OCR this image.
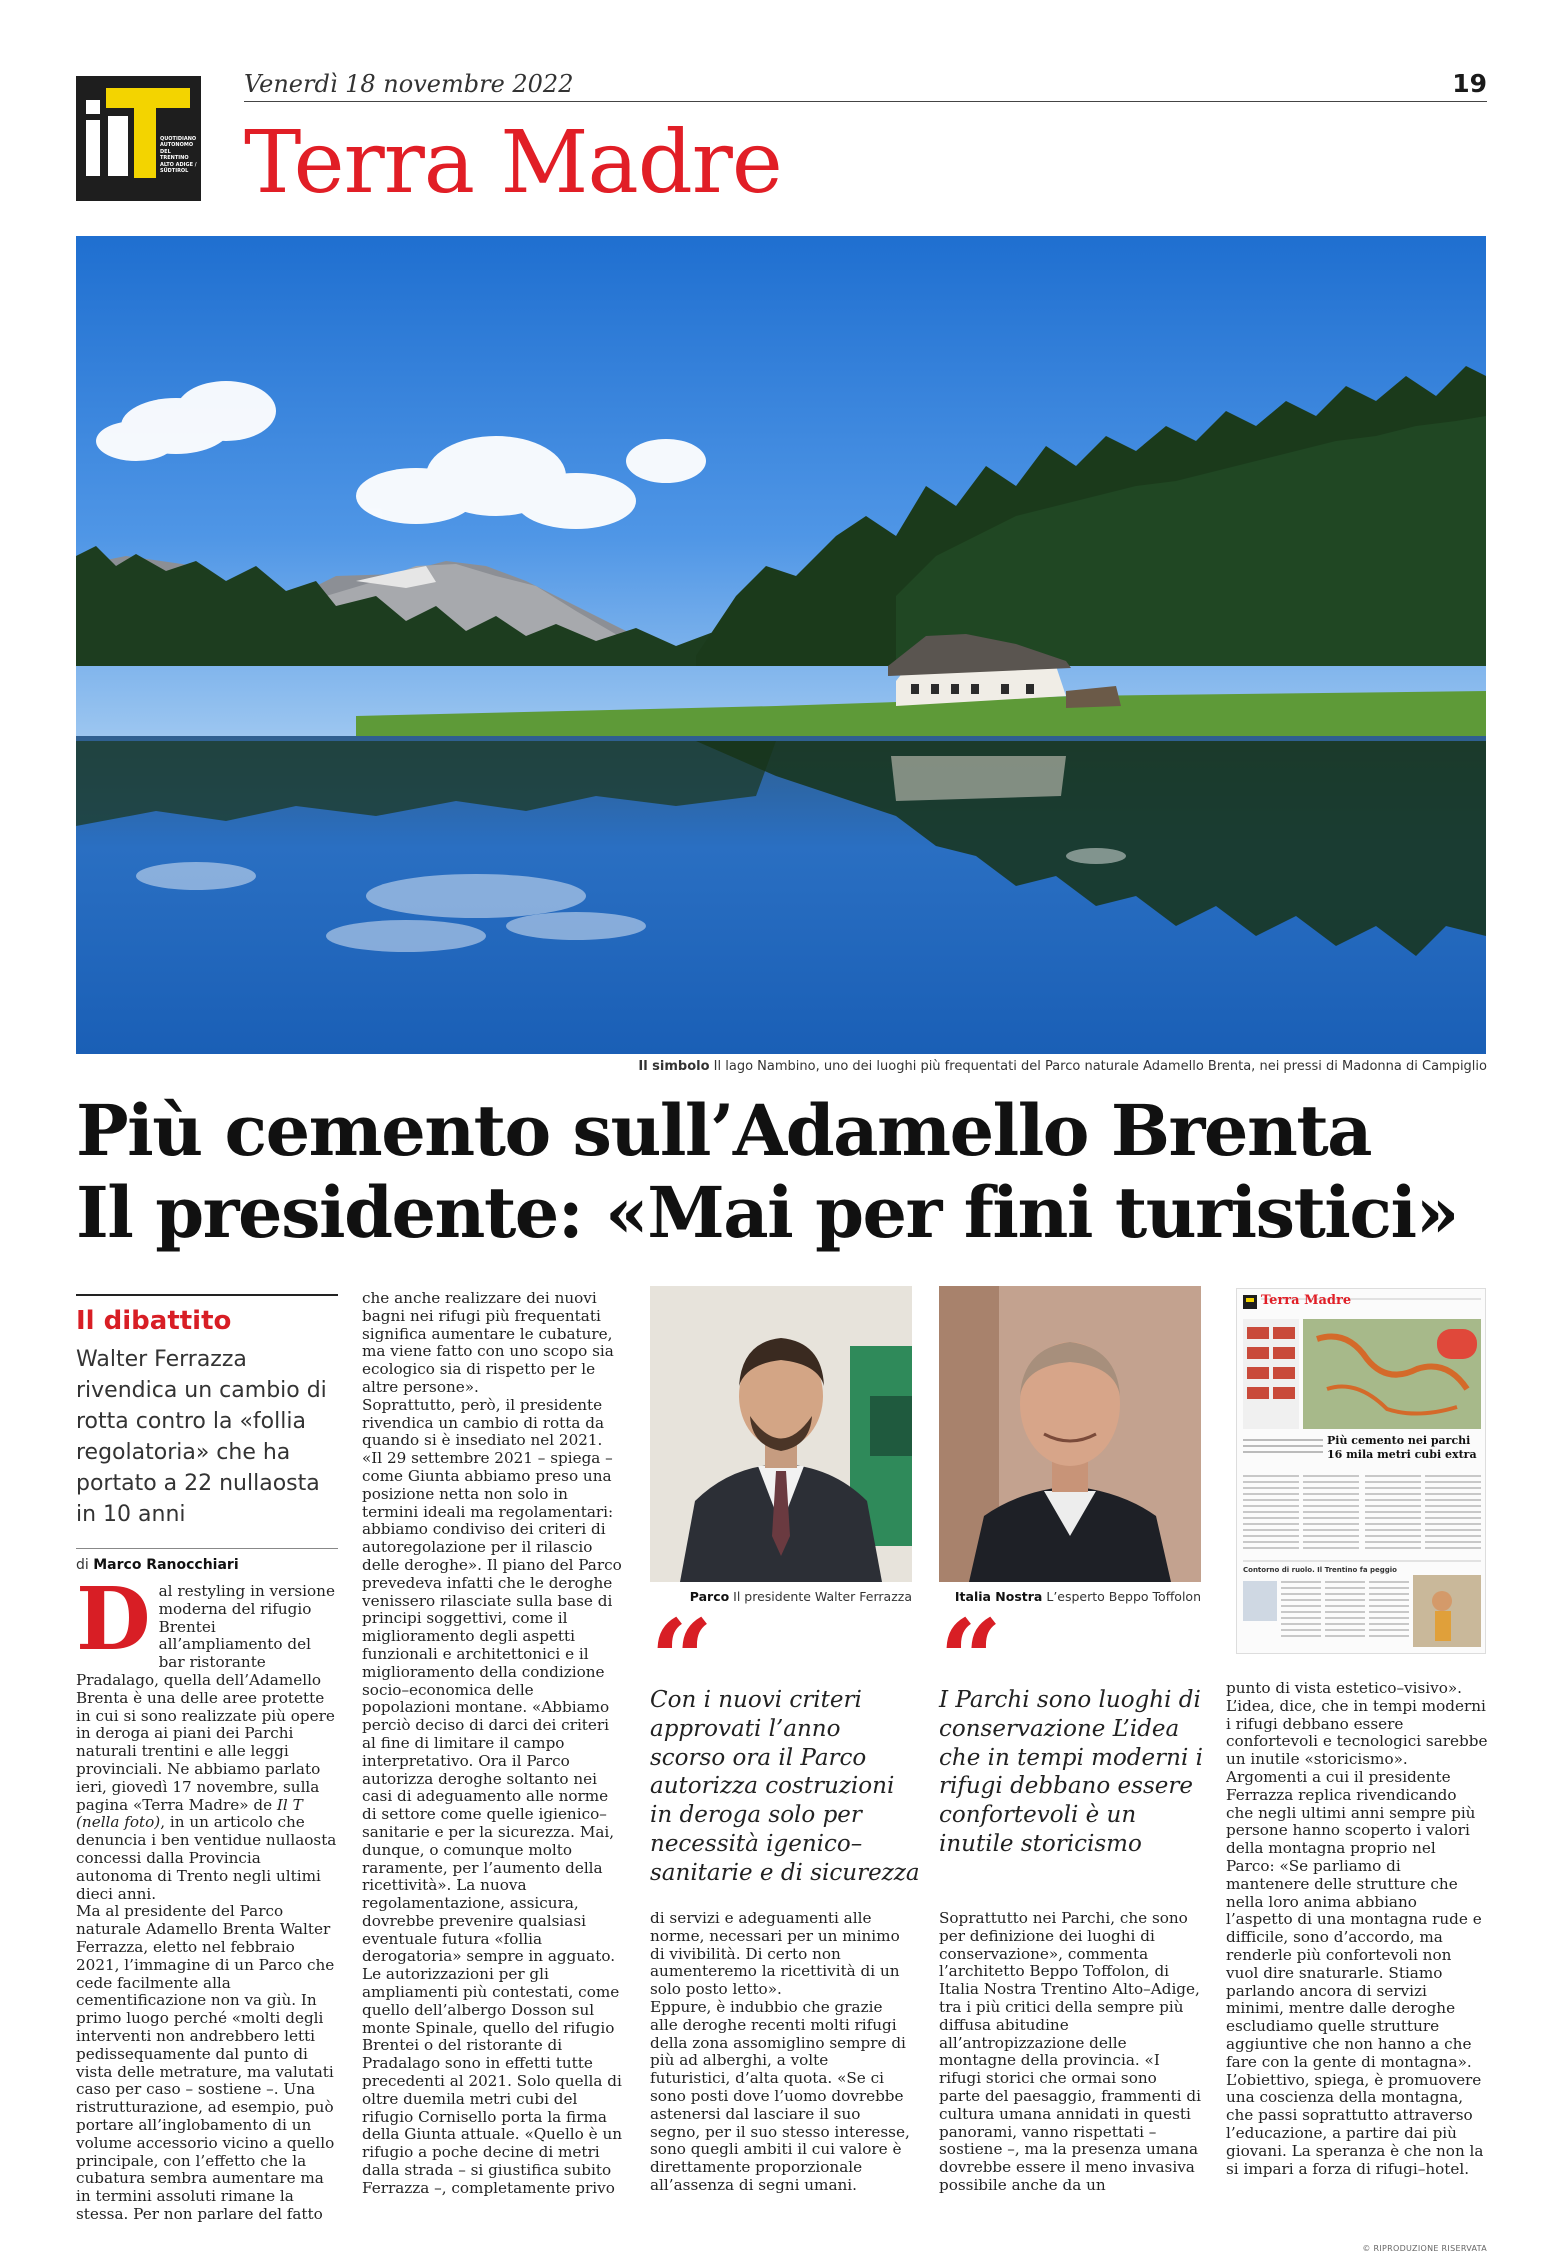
QUOTIDIANO
AUTONOMO
DEL TRENTINO
ALTO ADIGE /
SÜDTIROL
Venerdì 18 novembre 2022	19
Terra Madre
Il simbolo Il lago Nambino, uno dei luoghi più frequentati del Parco naturale Adamello Brenta, nei pressi di Madonna di Campiglio
Più cemento sull’Adamello Brenta
Il presidente: «Mai per fini turistici»
Il dibattito
Walter Ferrazza rivendica un cambio di rotta contro la «follia regolatoria» che ha portato a 22 nullaosta in 10 anni
di Marco Ranocchiari
Dal restyling in versione moderna del rifugio Brentei all’ampliamento del bar ristorante Pradalago, quella dell’Adamello Brenta è una delle aree protette in cui si sono realizzate più opere in deroga ai piani dei Parchi naturali trentini e alle leggi provinciali. Ne abbiamo parlato ieri, giovedì 17 novembre, sulla pagina «Terra Madre» de Il T (nella foto), in un articolo che denuncia i ben ventidue nullaosta concessi dalla Provincia autonoma di Trento negli ultimi dieci anni.
Ma al presidente del Parco naturale Adamello Brenta Walter Ferrazza, eletto nel febbraio 2021, l’immagine di un Parco che cede facilmente alla cementificazione non va giù. In primo luogo perché «molti degli interventi non andrebbero letti pedissequamente dal punto di vista delle metrature, ma valutati caso per caso – sostiene –. Una ristrutturazione, ad esempio, può portare all’inglobamento di un volume accessorio vicino a quello principale, con l’effetto che la cubatura sembra aumentare ma in termini assoluti rimane la stessa. Per non parlare del fatto
che anche realizzare dei nuovi bagni nei rifugi più frequentati significa aumentare le cubature, ma viene fatto con uno scopo sia ecologico sia di rispetto per le altre persone».
Soprattutto, però, il presidente rivendica un cambio di rotta da quando si è insediato nel 2021. «Il 29 settembre 2021 – spiega – come Giunta abbiamo preso una posizione netta non solo in termini ideali ma regolamentari: abbiamo condiviso dei criteri di autoregolazione per il rilascio delle deroghe». Il piano del Parco prevedeva infatti che le deroghe venissero rilasciate sulla base di principi soggettivi, come il miglioramento degli aspetti funzionali e architettonici e il miglioramento della condizione socio–economica delle popolazioni montane. «Abbiamo perciò deciso di darci dei criteri al fine di limitare il campo interpretativo. Ora il Parco autorizza deroghe soltanto nei casi di adeguamento alle norme di settore come quelle igienico–sanitarie e per la sicurezza. Mai, dunque, o comunque molto raramente, per l’aumento della ricettività». La nuova regolamentazione, assicura, dovrebbe prevenire qualsiasi eventuale futura «follia derogatoria» sempre in agguato.
Le autorizzazioni per gli ampliamenti più contestati, come quello dell’albergo Dosson sul monte Spinale, quello del rifugio Brentei o del ristorante di Pradalago sono in effetti tutte precedenti al 2021. Solo quella di oltre duemila metri cubi del rifugio Cornisello porta la firma della Giunta attuale. «Quello è un rifugio a poche decine di metri dalla strada – si giustifica subito Ferrazza –, completamente privo
Parco Il presidente Walter Ferrazza	Italia Nostra L’esperto Beppo Toffolon
“
Con i nuovi criteri approvati l’anno scorso ora il Parco autorizza costruzioni in deroga solo per necessità igenico–sanitarie e di sicurezza
“
I Parchi sono luoghi di conservazione L’idea che in tempi moderni i rifugi debbano essere confortevoli è un inutile storicismo
di servizi e adeguamenti alle norme, necessari per un minimo di vivibilità. Di certo non aumenteremo la ricettività di un solo posto letto».
Eppure, è indubbio che grazie alle deroghe recenti molti rifugi della zona assomiglino sempre di più ad alberghi, a volte futuristici, d’alta quota. «Se ci sono posti dove l’uomo dovrebbe astenersi dal lasciare il suo segno, per il suo stesso interesse, sono quegli ambiti il cui valore è direttamente proporzionale all’assenza di segni umani.
Soprattutto nei Parchi, che sono per definizione dei luoghi di conservazione», commenta l’architetto Beppo Toffolon, di Italia Nostra Trentino Alto–Adige, tra i più critici della sempre più diffusa abitudine all’antropizzazione delle montagne della provincia. «I rifugi storici che ormai sono parte del paesaggio, frammenti di cultura umana annidati in questi panorami, vanno rispettati – sostiene –, ma la presenza umana dovrebbe essere il meno invasiva possibile anche da un
Terra Madre
Più cemento nei parchi
16 mila metri cubi extra
Contorno di ruolo. Il Trentino fa peggio
punto di vista estetico–visivo». L’idea, dice, che in tempi moderni i rifugi debbano essere confortevoli e tecnologici sarebbe un inutile «storicismo».
Argomenti a cui il presidente Ferrazza replica rivendicando che negli ultimi anni sempre più persone hanno scoperto i valori della montagna proprio nel Parco: «Se parliamo di mantenere delle strutture che nella loro anima abbiano l’aspetto di una montagna rude e difficile, sono d’accordo, ma renderle più confortevoli non vuol dire snaturarle. Stiamo parlando ancora di servizi minimi, mentre dalle deroghe escludiamo quelle strutture aggiuntive che non hanno a che fare con la gente di montagna». L’obiettivo, spiega, è promuovere una coscienza della montagna, che passi soprattutto attraverso l’educazione, a partire dai più giovani. La speranza è che non la si impari a forza di rifugi–hotel.
© RIPRODUZIONE RISERVATA
